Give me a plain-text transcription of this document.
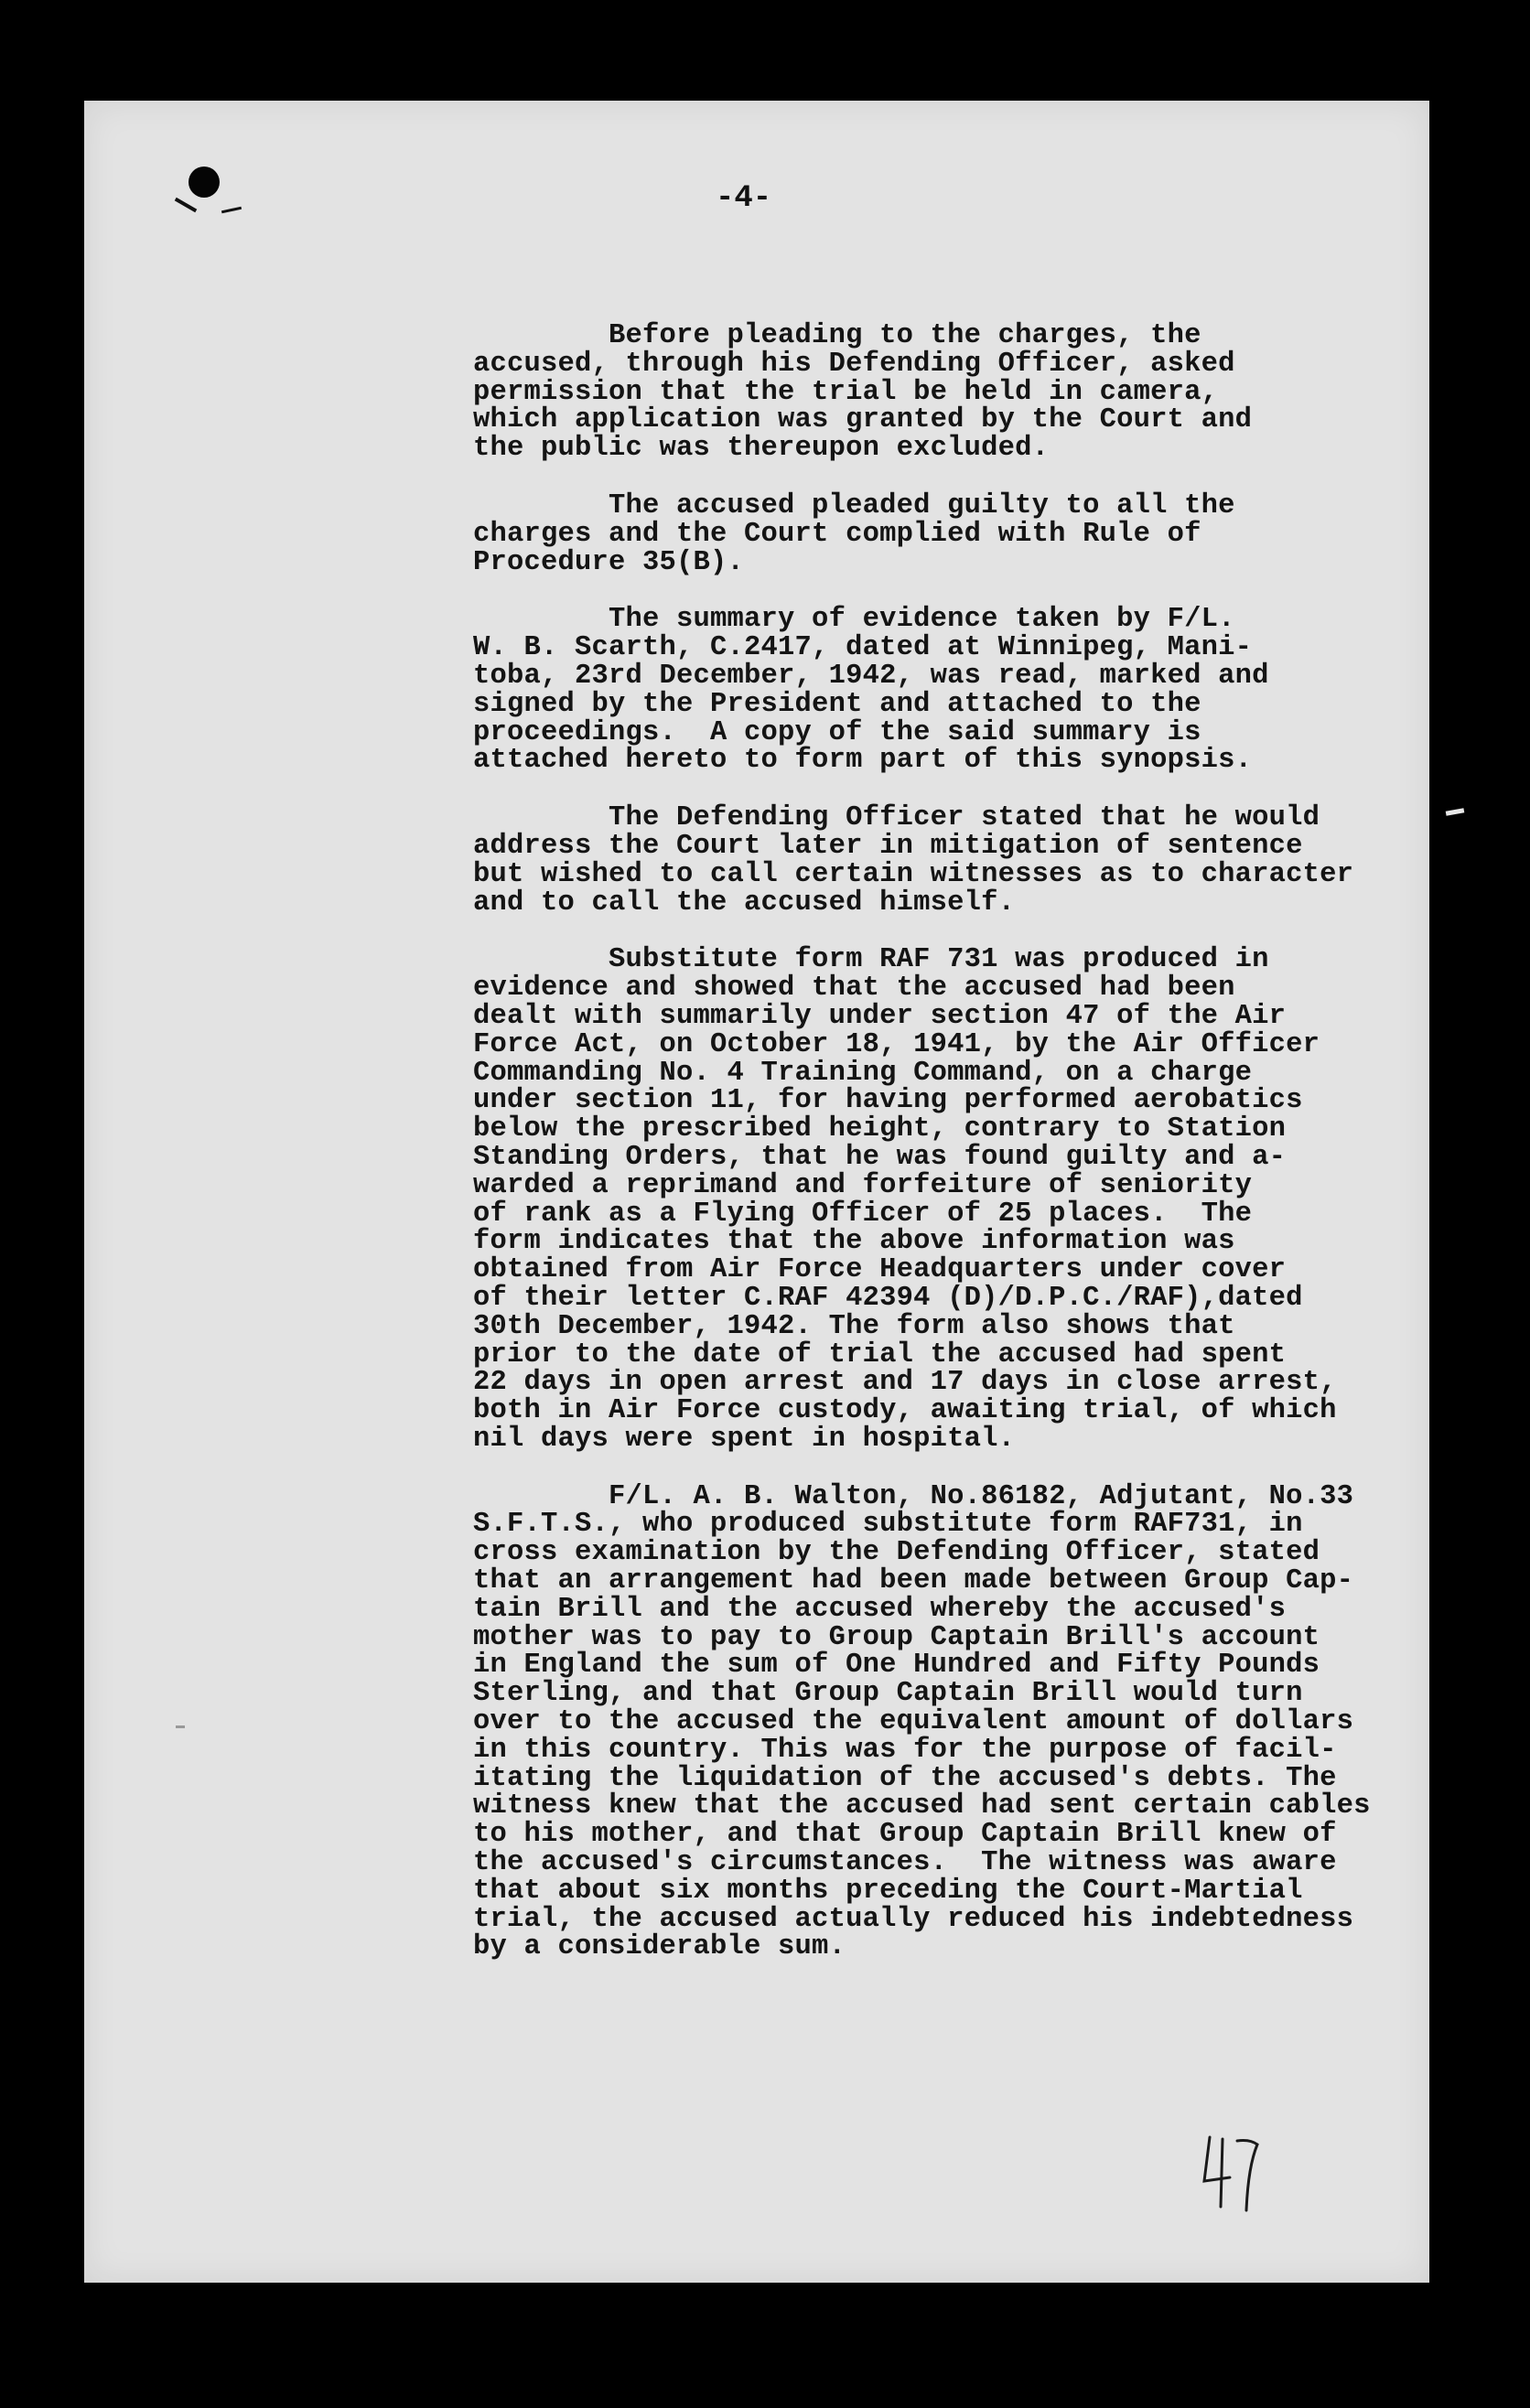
-4-
Before pleading to the charges, the
accused, through his Defending Officer, asked
permission that the trial be held in camera,
which application was granted by the Court and
the public was thereupon excluded.
The accused pleaded guilty to all the
charges and the Court complied with Rule of
Procedure 35(B).
The summary of evidence taken by F/L.
W. B. Scarth, C.2417, dated at Winnipeg, Mani-
toba, 23rd December, 1942, was read, marked and
signed by the President and attached to the
proceedings.  A copy of the said summary is
attached hereto to form part of this synopsis.
The Defending Officer stated that he would
address the Court later in mitigation of sentence
but wished to call certain witnesses as to character
and to call the accused himself.
Substitute form RAF 731 was produced in
evidence and showed that the accused had been
dealt with summarily under section 47 of the Air
Force Act, on October 18, 1941, by the Air Officer
Commanding No. 4 Training Command, on a charge
under section 11, for having performed aerobatics
below the prescribed height, contrary to Station
Standing Orders, that he was found guilty and a-
warded a reprimand and forfeiture of seniority
of rank as a Flying Officer of 25 places.  The
form indicates that the above information was
obtained from Air Force Headquarters under cover
of their letter C.RAF 42394 (D)/D.P.C./RAF),dated
30th December, 1942. The form also shows that
prior to the date of trial the accused had spent
22 days in open arrest and 17 days in close arrest,
both in Air Force custody, awaiting trial, of which
nil days were spent in hospital.
F/L. A. B. Walton, No.86182, Adjutant, No.33
S.F.T.S., who produced substitute form RAF731, in
cross examination by the Defending Officer, stated
that an arrangement had been made between Group Cap-
tain Brill and the accused whereby the accused's
mother was to pay to Group Captain Brill's account
in England the sum of One Hundred and Fifty Pounds
Sterling, and that Group Captain Brill would turn
over to the accused the equivalent amount of dollars
in this country. This was for the purpose of facil-
itating the liquidation of the accused's debts. The
witness knew that the accused had sent certain cables
to his mother, and that Group Captain Brill knew of
the accused's circumstances.  The witness was aware
that about six months preceding the Court-Martial
trial, the accused actually reduced his indebtedness
by a considerable sum.
